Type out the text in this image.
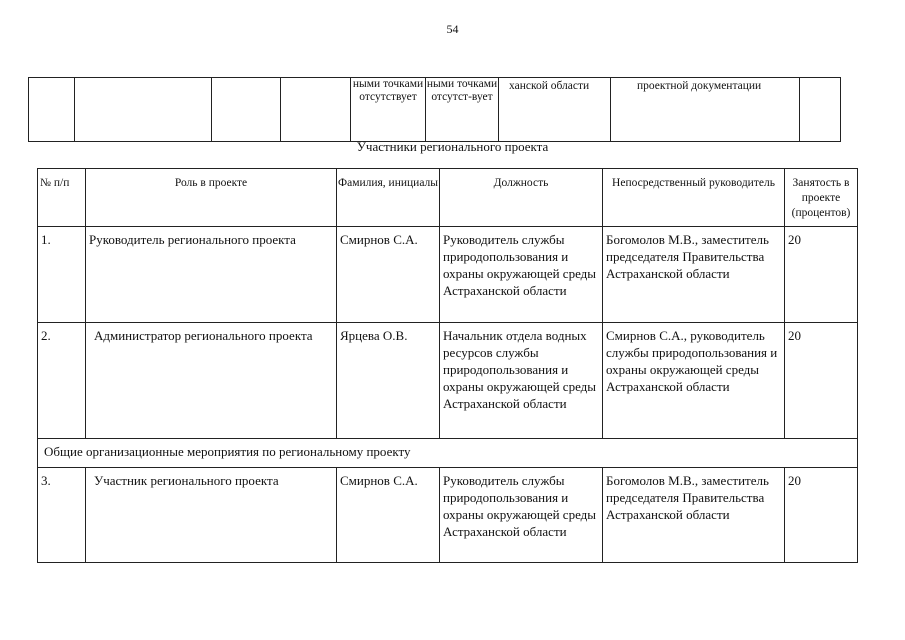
54
				ными точками отсутствует	ными точками отсутст-вует	ханской области	проектной документации	
Участники регионального проекта
№ п/п	Роль в проекте	Фамилия, инициалы	Должность	Непосредственный руководитель	Занятость в проекте (процентов)
1.	Руководитель регионального проекта	Смирнов С.А.	Руководитель службы природопользования и охраны окружающей среды Астраханской области	Богомолов М.В., заместитель председателя Правительства Астраханской области	20
2.	Администратор регионального проекта	Ярцева О.В.	Начальник отдела водных ресурсов службы природопользования и охраны окружающей среды Астраханской области	Смирнов С.А., руководитель службы природопользования и охраны окружающей среды Астраханской области	20
Общие организационные мероприятия по региональному проекту					
3.	Участник регионального проекта	Смирнов С.А.	Руководитель службы природопользования и охраны окружающей среды Астраханской области	Богомолов М.В., заместитель председателя Правительства Астраханской области	20
